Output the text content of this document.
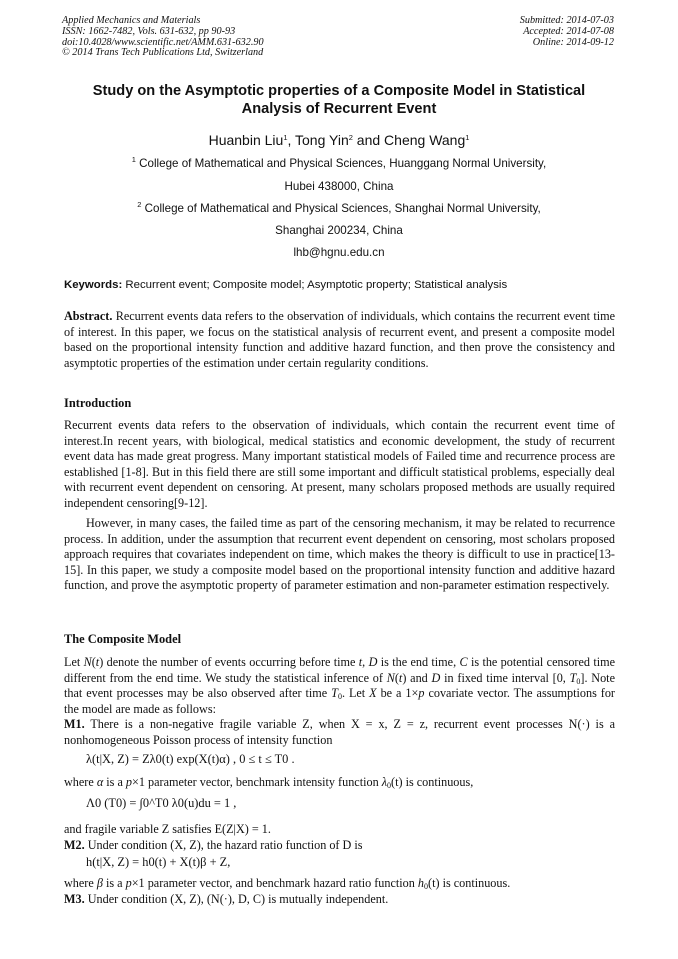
Applied Mechanics and Materials
ISSN: 1662-7482, Vols. 631-632, pp 90-93
doi:10.4028/www.scientific.net/AMM.631-632.90
© 2014 Trans Tech Publications Ltd, Switzerland
Submitted: 2014-07-03
Accepted: 2014-07-08
Online: 2014-09-12
Study on the Asymptotic properties of a Composite Model in Statistical
Analysis of Recurrent Event
Huanbin Liu$^1$, Tong Yin$^2$ and Cheng Wang$^1$
$^1$ College of Mathematical and Physical Sciences, Huanggang Normal University,
Hubei 438000, China
$^2$ College of Mathematical and Physical Sciences, Shanghai Normal University,
Shanghai 200234, China
lhb@hgnu.edu.cn
Keywords: Recurrent event; Composite model; Asymptotic property; Statistical analysis
Abstract. Recurrent events data refers to the observation of individuals, which contains the recurrent event time of interest. In this paper, we focus on the statistical analysis of recurrent event, and present a composite model based on the proportional intensity function and additive hazard function, and then prove the consistency and asymptotic properties of the estimation under certain regularity conditions.
Introduction
Recurrent events data refers to the observation of individuals, which contain the recurrent event time of interest.In recent years, with biological, medical statistics and economic development, the study of recurrent event data has made great progress. Many important statistical models of Failed time and recurrence process are established [1-8]. But in this field there are still some important and difficult statistical problems, especially deal with recurrent event dependent on censoring. At present, many scholars proposed methods are usually required independent censoring[9-12].
However, in many cases, the failed time as part of the censoring mechanism, it may be related to recurrence process. In addition, under the assumption that recurrent event dependent on censoring, most scholars proposed approach requires that covariates independent on time, which makes the theory is difficult to use in practice[13-15]. In this paper, we study a composite model based on the proportional intensity function and additive hazard function, and prove the asymptotic property of parameter estimation and non-parameter estimation respectively.
The Composite Model
Let N(t) denote the number of events occurring before time t, D is the end time, C is the potential censored time different from the end time. We study the statistical inference of N(t) and D in fixed time interval [0, $T_0$]. Note that event processes may be also observed after time $T_0$. Let X be a 1×p covariate vector. The assumptions for the model are made as follows:
M1. There is a non-negative fragile variable Z, when X = x, Z = z, recurrent event processes N(·) is a nonhomogeneous Poisson process of intensity function
λ(t|X, Z) = Zλ0(t) exp(X(t)α) , 0 ≤ t ≤ T0 .
where α is a p×1 parameter vector, benchmark intensity function $\lambda_0(t)$ is continuous,
Λ0 (T0) = ∫0^T0 λ0(u)du = 1 ,
and fragile variable Z satisfies E(Z|X) = 1.
M2. Under condition (X, Z), the hazard ratio function of D is
h(t|X, Z) = h0(t) + X(t)β + Z,
where β is a p×1 parameter vector, and benchmark hazard ratio function $h_0(t)$ is continuous.
M3. Under condition (X, Z), (N(·), D, C) is mutually independent.
